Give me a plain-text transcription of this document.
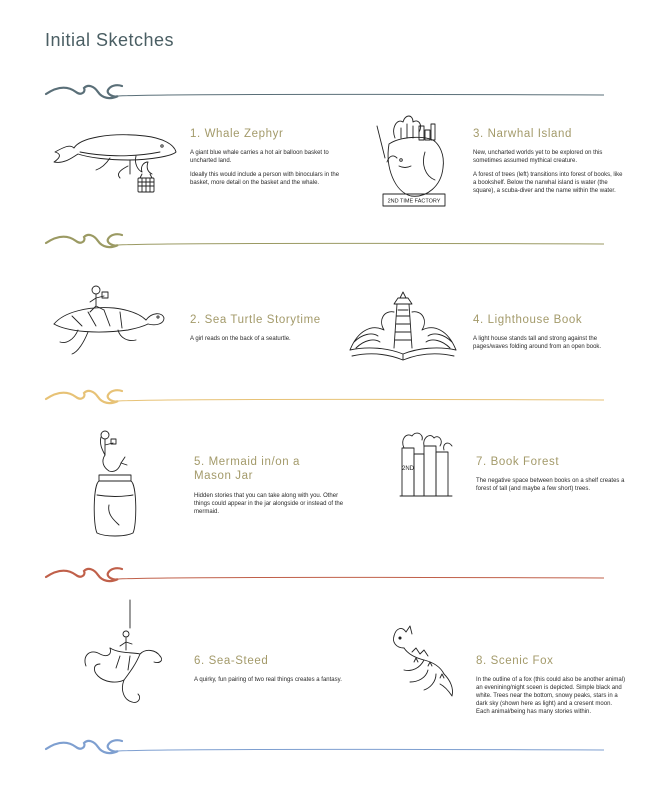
Initial Sketches
1. Whale Zephyr

A giant blue whale carries a hot air balloon basket to uncharted land.

Ideally this would include a person with binoculars in the basket, more detail on the basket and the whale.

2ND TIME FACTORY
3. Narwhal Island

New, uncharted worlds yet to be explored on this sometimes assumed mythical creature.

A forest of trees (left) transitions into forest of books, like a bookshelf. Below the narwhal island is water (the square), a scuba-diver and the name within the water.

2. Sea Turtle Storytime

A girl reads on the back of a seaturtle.

4. Lighthouse Book

A light house stands tall and strong against the pages/waves folding around from an open book.

5. Mermaid in/on a Mason Jar

Hidden stories that you can take along with you. Other things could appear in the jar alongside or instead of the mermaid.

2ND
7. Book Forest

The negative space between books on a shelf creates a forest of tall (and maybe a few short) trees.

6. Sea-Steed

A quirky, fun pairing of two real things creates a fantasy.

8. Scenic Fox

In the outline of a fox (this could also be another animal) an evenining/night sceen is depicted. Simple black and white. Trees near the bottom, snowy peaks, stars in a dark sky (shown here as light) and a cresent moon. Each animal/being has many stories within.
